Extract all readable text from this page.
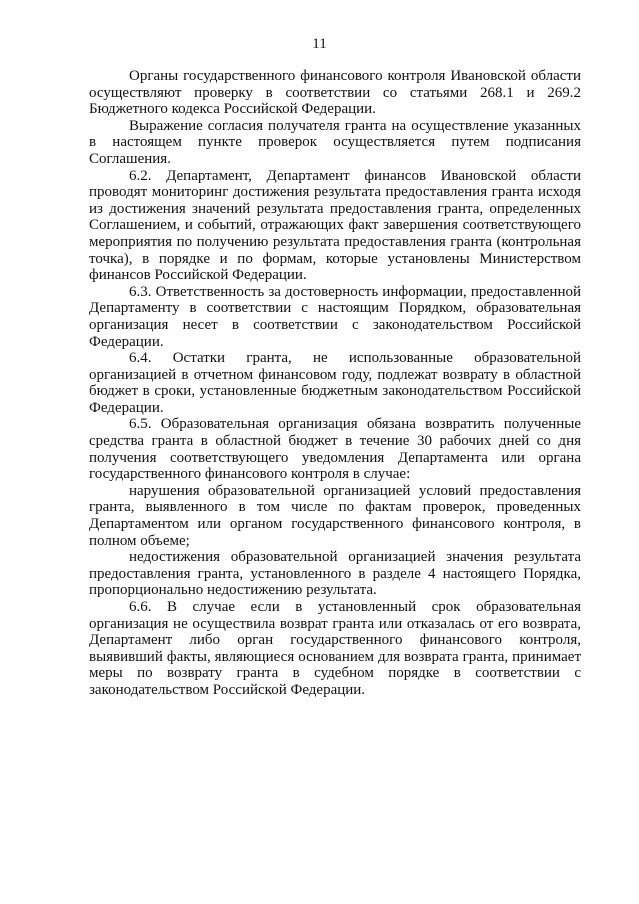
11

Органы государственного финансового контроля Ивановской области осуществляют проверку в соответствии со статьями 268.1 и 269.2 Бюджетного кодекса Российской Федерации.

Выражение согласия получателя гранта на осуществление указанных в настоящем пункте проверок осуществляется путем подписания Соглашения.

6.2. Департамент, Департамент финансов Ивановской области проводят мониторинг достижения результата предоставления гранта исходя из достижения значений результата предоставления гранта, определенных Соглашением, и событий, отражающих факт завершения соответствующего мероприятия по получению результата предоставления гранта (контрольная точка), в порядке и по формам, которые установлены Министерством финансов Российской Федерации.

6.3. Ответственность за достоверность информации, предоставленной Департаменту в соответствии с настоящим Порядком, образовательная организация несет в соответствии с законодательством Российской Федерации.

6.4. Остатки гранта, не использованные образовательной организацией в отчетном финансовом году, подлежат возврату в областной бюджет в сроки, установленные бюджетным законодательством Российской Федерации.

6.5. Образовательная организация обязана возвратить полученные средства гранта в областной бюджет в течение 30 рабочих дней со дня получения соответствующего уведомления Департамента или органа государственного финансового контроля в случае:

нарушения образовательной организацией условий предоставления гранта, выявленного в том числе по фактам проверок, проведенных Департаментом или органом государственного финансового контроля, в полном объеме;

недостижения образовательной организацией значения результата предоставления гранта, установленного в разделе 4 настоящего Порядка, пропорционально недостижению результата.

6.6. В случае если в установленный срок образовательная организация не осуществила возврат гранта или отказалась от его возврата, Департамент либо орган государственного финансового контроля, выявивший факты, являющиеся основанием для возврата гранта, принимает меры по возврату гранта в судебном порядке в соответствии с законодательством Российской Федерации.
